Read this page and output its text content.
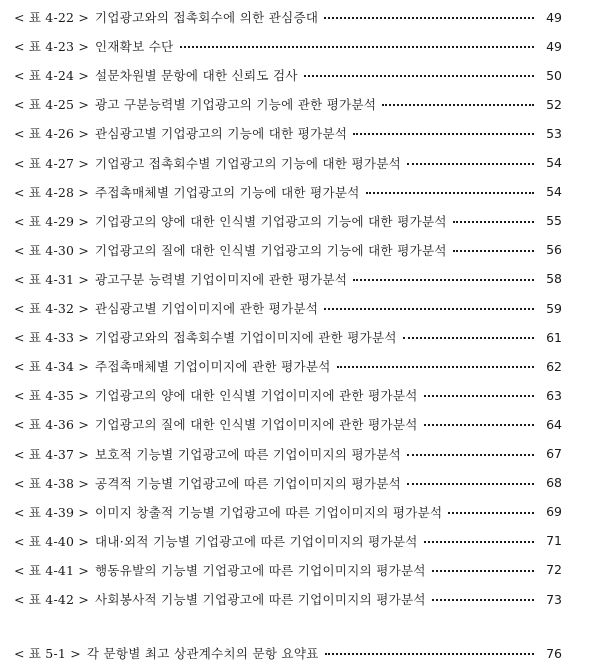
< 표 4-22 > 기업광고와의 접촉회수에 의한 관심증대	49
< 표 4-23 > 인재확보 수단	49
< 표 4-24 > 설문차원별 문항에 대한 신뢰도 검사	50
< 표 4-25 > 광고 구분능력별 기업광고의 기능에 관한 평가분석	52
< 표 4-26 > 관심광고별 기업광고의 기능에 대한 평가분석	53
< 표 4-27 > 기업광고 접촉회수별 기업광고의 기능에 대한 평가분석	54
< 표 4-28 > 주접촉매체별 기업광고의 기능에 대한 평가분석	54
< 표 4-29 > 기업광고의 양에 대한 인식별 기업광고의 기능에 대한 평가분석	55
< 표 4-30 > 기업광고의 질에 대한 인식별 기업광고의 기능에 대한 평가분석	56
< 표 4-31 > 광고구분 능력별 기업이미지에 관한 평가분석	58
< 표 4-32 > 관심광고별 기업이미지에 관한 평가분석	59
< 표 4-33 > 기업광고와의 접촉회수별 기업이미지에 관한 평가분석	61
< 표 4-34 > 주접촉매체별 기업이미지에 관한 평가분석	62
< 표 4-35 > 기업광고의 양에 대한 인식별 기업이미지에 관한 평가분석	63
< 표 4-36 > 기업광고의 질에 대한 인식별 기업이미지에 관한 평가분석	64
< 표 4-37 > 보호적 기능별 기업광고에 따른 기업이미지의 평가분석	67
< 표 4-38 > 공격적 기능별 기업광고에 따른 기업이미지의 평가분석	68
< 표 4-39 > 이미지 창출적 기능별 기업광고에 따른 기업이미지의 평가분석	69
< 표 4-40 > 대내·외적 기능별 기업광고에 따른 기업이미지의 평가분석	71
< 표 4-41 > 행동유발의 기능별 기업광고에 따른 기업이미지의 평가분석	72
< 표 4-42 > 사회봉사적 기능별 기업광고에 따른 기업이미지의 평가분석	73
< 표 5-1 > 각 문항별 최고 상관계수치의 문항 요약표	76
